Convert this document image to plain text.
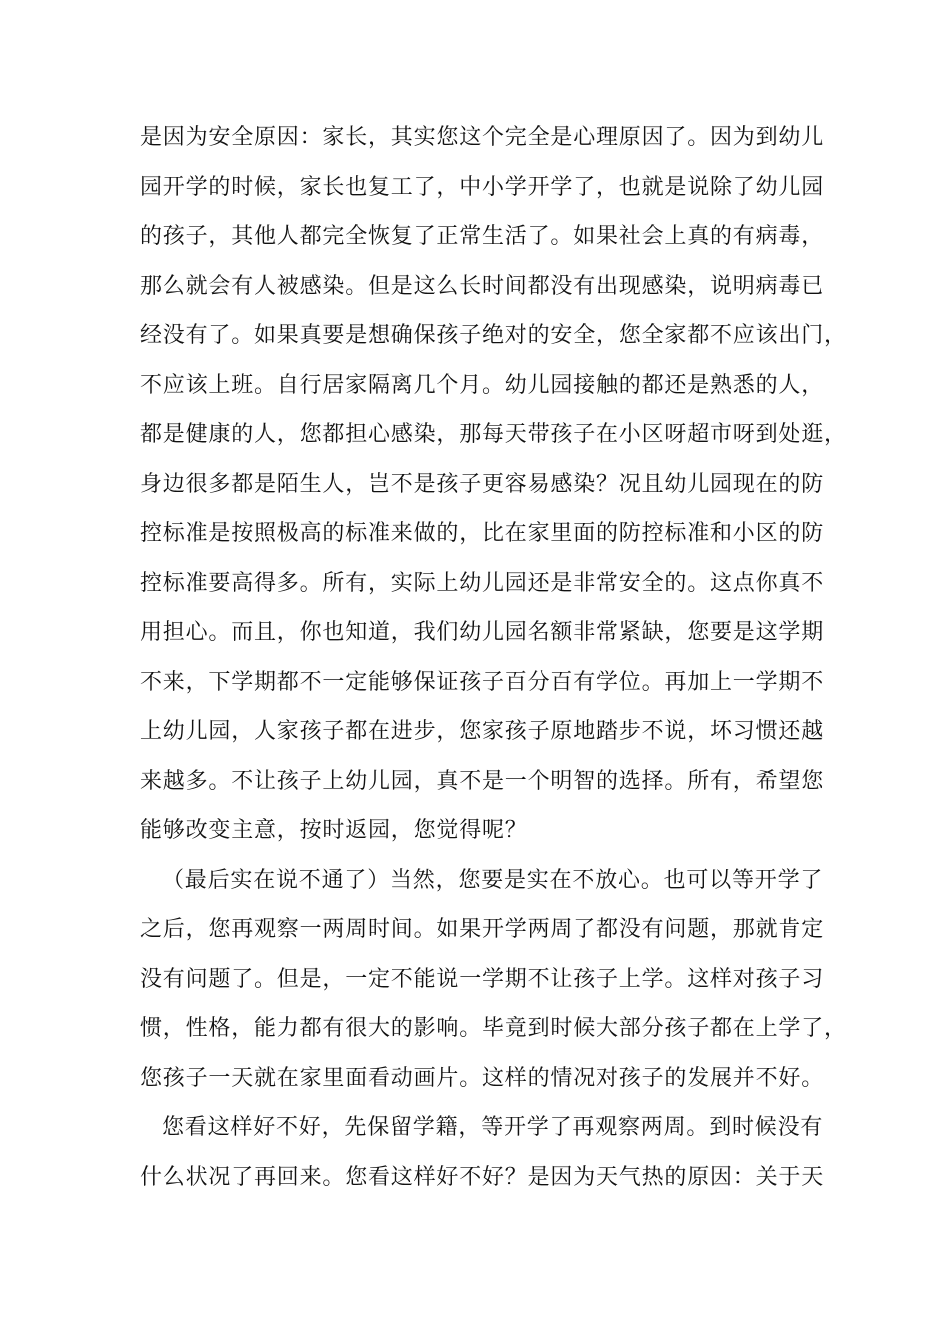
是因为安全原因：家长，其实您这个完全是心理原因了。因为到幼儿
园开学的时候，家长也复工了，中小学开学了，也就是说除了幼儿园
的孩子，其他人都完全恢复了正常生活了。如果社会上真的有病毒，
那么就会有人被感染。但是这么长时间都没有出现感染，说明病毒已
经没有了。如果真要是想确保孩子绝对的安全，您全家都不应该出门，
不应该上班。自行居家隔离几个月。幼儿园接触的都还是熟悉的人，
都是健康的人，您都担心感染，那每天带孩子在小区呀超市呀到处逛，
身边很多都是陌生人，岂不是孩子更容易感染？况且幼儿园现在的防
控标准是按照极高的标准来做的，比在家里面的防控标准和小区的防
控标准要高得多。所有，实际上幼儿园还是非常安全的。这点你真不
用担心。而且，你也知道，我们幼儿园名额非常紧缺，您要是这学期
不来，下学期都不一定能够保证孩子百分百有学位。再加上一学期不
上幼儿园，人家孩子都在进步，您家孩子原地踏步不说，坏习惯还越
来越多。不让孩子上幼儿园，真不是一个明智的选择。所有，希望您
能够改变主意，按时返园，您觉得呢？
（最后实在说不通了）当然，您要是实在不放心。也可以等开学了
之后，您再观察一两周时间。如果开学两周了都没有问题，那就肯定
没有问题了。但是，一定不能说一学期不让孩子上学。这样对孩子习
惯，性格，能力都有很大的影响。毕竟到时候大部分孩子都在上学了，
您孩子一天就在家里面看动画片。这样的情况对孩子的发展并不好。
您看这样好不好，先保留学籍，等开学了再观察两周。到时候没有
什么状况了再回来。您看这样好不好？是因为天气热的原因：关于天
